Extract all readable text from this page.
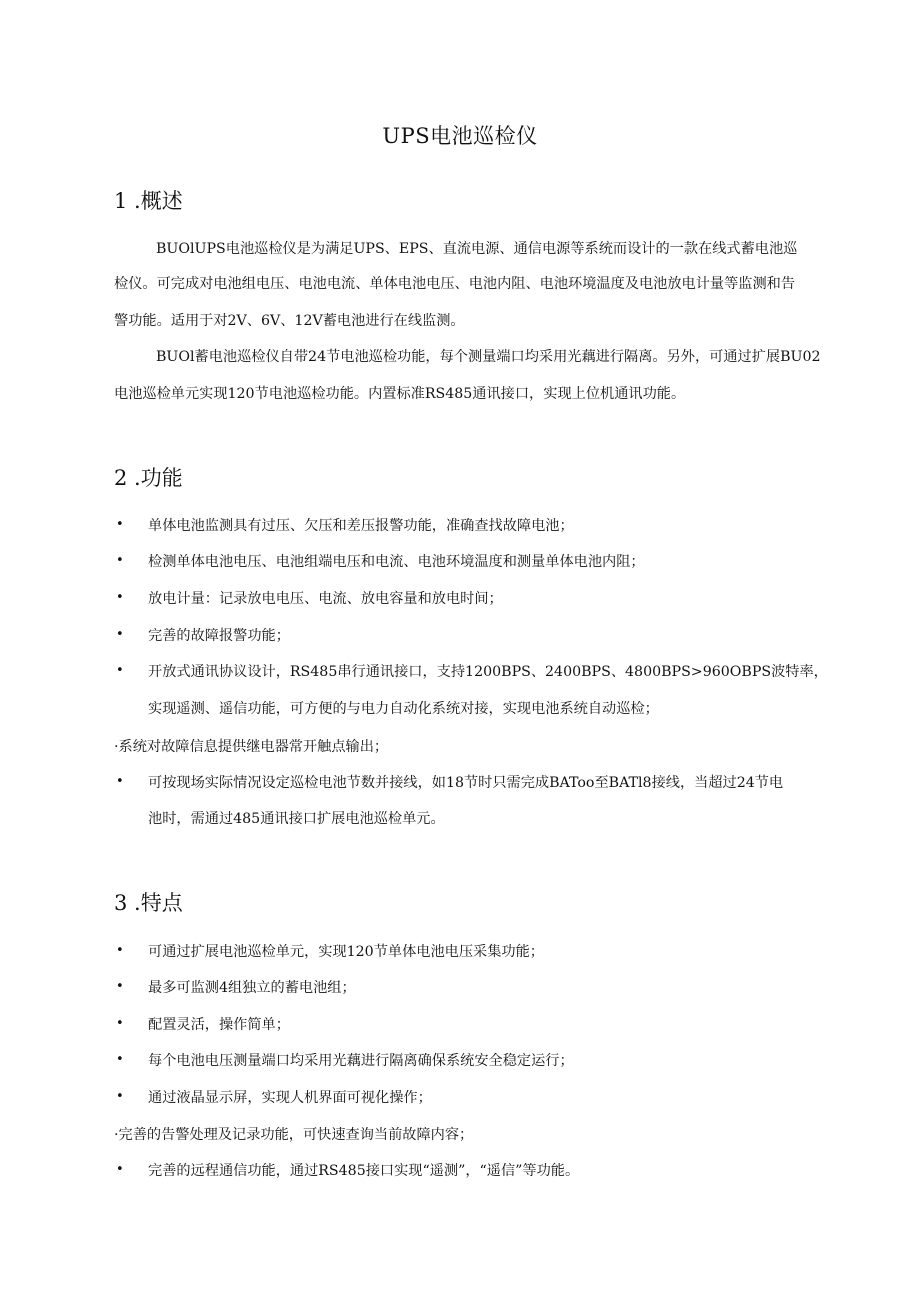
UPS电池巡检仪
1 .概述
BUOlUPS电池巡检仪是为满足UPS、EPS、直流电源、通信电源等系统而设计的一款在线式蓄电池巡
检仪。可完成对电池组电压、电池电流、单体电池电压、电池内阻、电池环境温度及电池放电计量等监测和告
警功能。适用于对2V、6V、12V蓄电池进行在线监测。
BUOl蓄电池巡检仪自带24节电池巡检功能，每个测量端口均采用光藕进行隔离。另外，可通过扩展BU02
电池巡检单元实现120节电池巡检功能。内置标准RS485通讯接口，实现上位机通讯功能。
2 .功能
• 单体电池监测具有过压、欠压和差压报警功能，准确查找故障电池；
• 检测单体电池电压、电池组端电压和电流、电池环境温度和测量单体电池内阻；
• 放电计量：记录放电电压、电流、放电容量和放电时间；
• 完善的故障报警功能；
• 开放式通讯协议设计，RS485串行通讯接口，支持1200BPS、2400BPS、4800BPS>960OBPS波特率，
实现遥测、遥信功能，可方便的与电力自动化系统对接，实现电池系统自动巡检；
·系统对故障信息提供继电器常开触点输出；
• 可按现场实际情况设定巡检电池节数并接线，如18节时只需完成BAToo至BATl8接线，当超过24节电
池时，需通过485通讯接口扩展电池巡检单元。
3 .特点
• 可通过扩展电池巡检单元，实现120节单体电池电压采集功能；
• 最多可监测4组独立的蓄电池组；
• 配置灵活，操作简单；
• 每个电池电压测量端口均采用光藕进行隔离确保系统安全稳定运行；
• 通过液晶显示屏，实现人机界面可视化操作；
·完善的告警处理及记录功能，可快速查询当前故障内容；
• 完善的远程通信功能，通过RS485接口实现“遥测”，“遥信”等功能。
